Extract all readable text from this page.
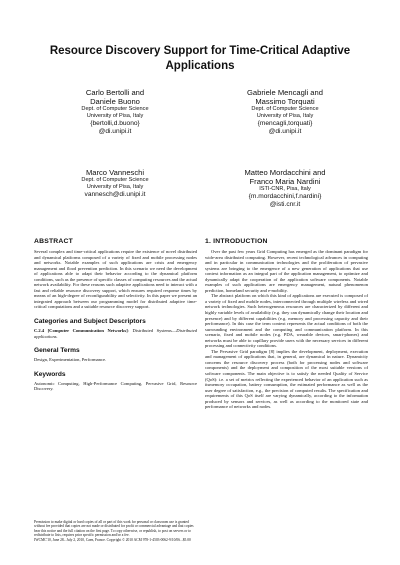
Resource Discovery Support for Time-Critical Adaptive Applications
Carlo Bertolli and
Daniele Buono
Dept. of Computer Science
University of Pisa, Italy
{bertolli,d.buono}
@di.unipi.it
Gabriele Mencagli and
Massimo Torquati
Dept. of Computer Science
University of Pisa, Italy
{mencagli,torquati}
@di.unipi.it
Marco Vanneschi
Dept. of Computer Science
University of Pisa, Italy
vannesch@di.unipi.it
Matteo Mordacchini and
Franco Maria Nardini
ISTI-CNR, Pisa, Italy
{m.mordacchini,f.nardini}
@isti.cnr.it
ABSTRACT

Several complex and time-critical applications require the existence of novel distributed and dynamical platforms composed of a variety of fixed and mobile processing nodes and networks. Notable examples of such applications are crisis and emergency management and flood prevention prediction. In this scenario we need the development of applications able to adapt their behavior according to the dynamical platform conditions, such as the presence of specific classes of computing resources and the actual network availability. For these reasons such adaptive applications need to interact with a fast and reliable resource discovery support, which ensures required response times by means of an high-degree of reconfigurability and selectivity. In this paper we present an integrated approach between our programming model for distributed adaptive time-critical computations and a suitable resource discovery support.

Categories and Subject Descriptors

C.2.4 [Computer Communication Networks]: Distributed Systems—Distributed applications.

General Terms

Design, Experimentation, Performance.

Keywords

Autonomic Computing, High-Performance Computing, Pervasive Grid, Resource Discovery.

Permission to make digital or hard copies of all or part of this work for personal or classroom use is granted without fee provided that copies are not made or distributed for profit or commercial advantage and that copies bear this notice and the full citation on the first page. To copy otherwise, or republish, to post on servers or to redistribute to lists, requires prior specific permission and/or a fee.

IWCMC'10, June 28– July 2, 2010, Caen, France. Copyright © 2010 ACM 978-1-4503-0062-9/10/06...$5.00

1. INTRODUCTION

Over the past few years Grid Computing has emerged as the dominant paradigm for wide-area distributed computing. However, recent technological advances in computing and in particular in communication technologies and the proliferation of pervasive systems are bringing to the emergence of a new generation of applications that use context information as an integral part of the application management, to optimize and dynamically adapt the cooperation of the application software components. Notable examples of such applications are emergency management, natural phenomenon prediction, homeland security and e-mobility.

The abstract platform on which this kind of applications are executed is composed of a variety of fixed and mobile nodes, interconnected through multiple wireless and wired network technologies. Such heterogeneous resources are characterized by different and highly variable levels of availability (e.g. they can dynamically change their location and presence) and by different capabilities (e.g. memory and processing capacity and their performance). In this case the term context represents the actual conditions of both the surrounding environment and the computing and communication platform. In this scenario, fixed and mobile nodes (e.g. PDA, wearable devices, smart-phones) and networks must be able to capillary provide users with the necessary services in different processing and connectivity conditions.

The Pervasive Grid paradigm [8] implies the development, deployment, execution and management of applications that, in general, are dynamical in nature. Dynamicity concerns the resource discovery process (both for processing nodes and software components) and the deployment and composition of the most suitable versions of software components. The main objective is to satisfy the needed Quality of Service (QoS): i.e. a set of metrics reflecting the experienced behavior of an application such as itsmemory occupation, battery consumption, the estimated performance as well as the user degree of satisfaction, e.g., the precision of computed results. The specification and requirements of this QoS itself are varying dynamically, according to the information produced by sensors and services, as well as according to the monitored state and performance of networks and nodes.
